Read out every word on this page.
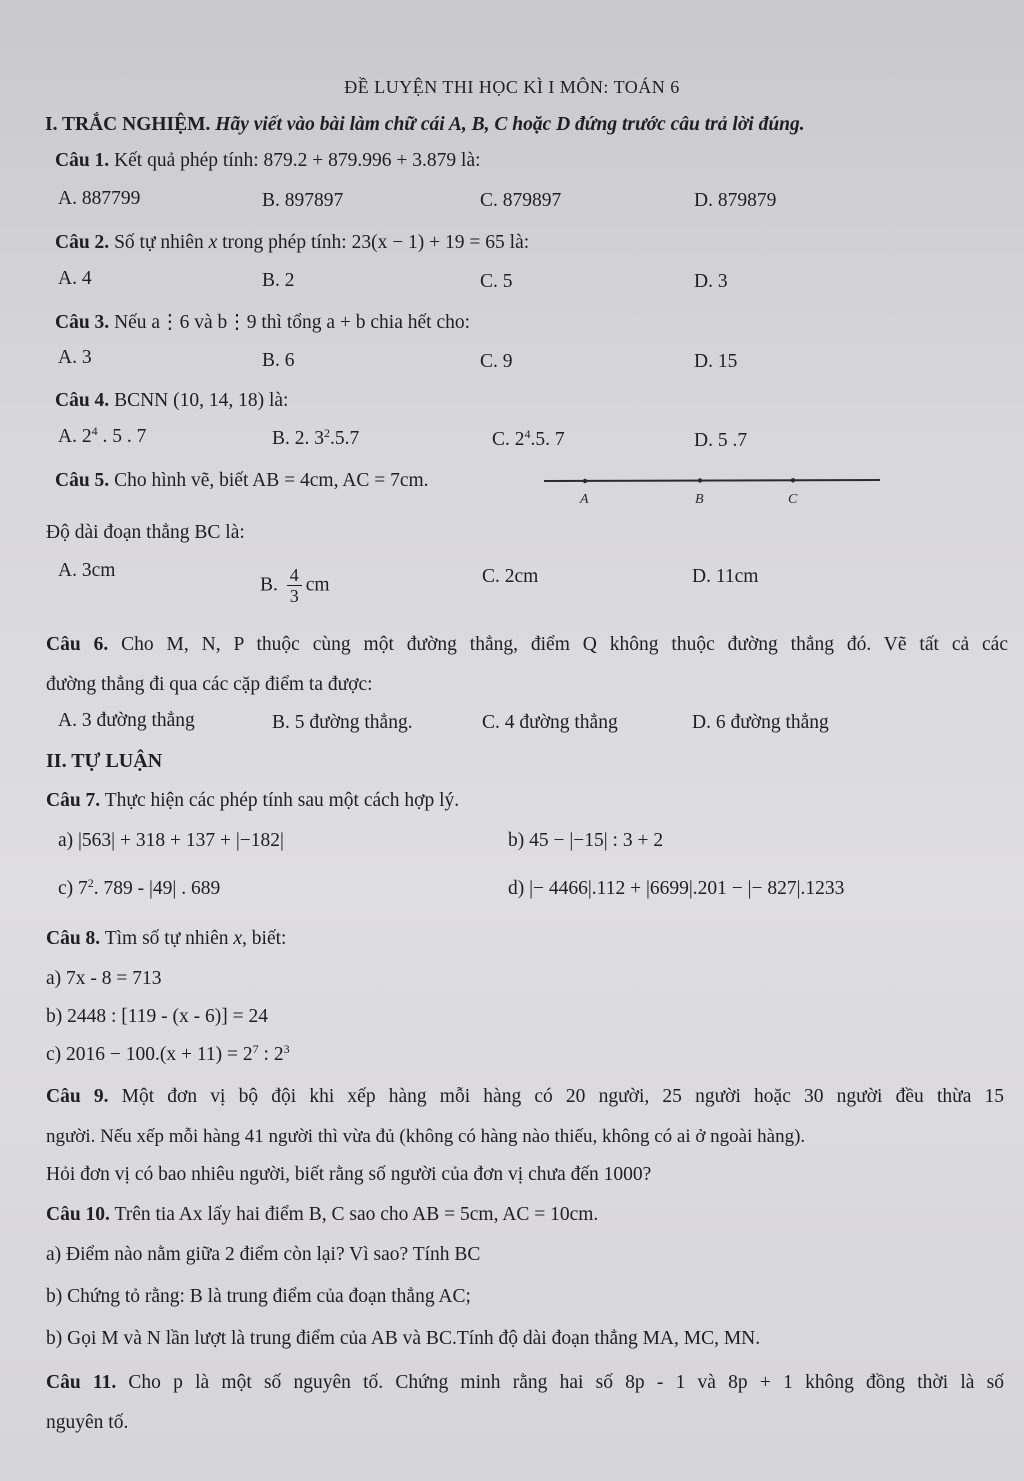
ĐỀ LUYỆN THI HỌC KÌ I MÔN: TOÁN 6
I. TRẮC NGHIỆM. Hãy viết vào bài làm chữ cái A, B, C hoặc D đứng trước câu trả lời đúng.
Câu 1. Kết quả phép tính: 879.2 + 879.996 + 3.879 là:
A. 887799	B. 897897	C. 879897	D. 879879
Câu 2. Số tự nhiên x trong phép tính: 23(x − 1) + 19 = 65 là:
A. 4	B. 2	C. 5	D. 3
Câu 3. Nếu a⋮6 và b⋮9 thì tổng a + b chia hết cho:
A. 3	B. 6	C. 9	D. 15
Câu 4. BCNN (10, 14, 18) là:
A. $2^4$ . 5 . 7	B. 2. $3^2.5.7$	C. $2^4.5$. 7	D. 5 .7
Câu 5. Cho hình vẽ, biết AB = 4cm, AC = 7cm.
A	B	C
Độ dài đoạn thẳng BC là:
A. 3cm
B. $\frac{4}{3}$ cm	C. 2cm	D. 11cm
Câu 6. Cho M, N, P thuộc cùng một đường thẳng, điểm Q không thuộc đường thẳng đó. Vẽ tất cả các
đường thẳng đi qua các cặp điểm ta được:
A. 3 đường thẳng	B. 5 đường thẳng.	C. 4 đường thẳng	D. 6 đường thẳng
II. TỰ LUẬN
Câu 7. Thực hiện các phép tính sau một cách hợp lý.
a) |563| + 318 + 137 + |−182|	b) 45 − |−15| : 3 + 2
c) $7^2$. 789 - |49| . 689	d) |− 4466|.112 + |6699|.201 − |− 827|.1233
Câu 8. Tìm số tự nhiên x, biết:
a) 7x - 8 = 713
b) 2448 : [119 - (x - 6)] = 24
c) $2016 - 100.(x + 11) = 2^7$ : $2^3$
Câu 9. Một đơn vị bộ đội khi xếp hàng mỗi hàng có 20 người, 25 người hoặc 30 người đều thừa 15
người. Nếu xếp mỗi hàng 41 người thì vừa đủ (không có hàng nào thiếu, không có ai ở ngoài hàng).
Hỏi đơn vị có bao nhiêu người, biết rằng số người của đơn vị chưa đến 1000?
Câu 10. Trên tia Ax lấy hai điểm B, C sao cho AB = 5cm, AC = 10cm.
a) Điểm nào nằm giữa 2 điểm còn lại? Vì sao? Tính BC
b) Chứng tỏ rằng: B là trung điểm của đoạn thẳng AC;
b) Gọi M và N lần lượt là trung điểm của AB và BC.Tính độ dài đoạn thẳng MA, MC, MN.
Câu 11. Cho p là một số nguyên tố. Chứng minh rằng hai số 8p - 1 và 8p + 1 không đồng thời là số
nguyên tố.
